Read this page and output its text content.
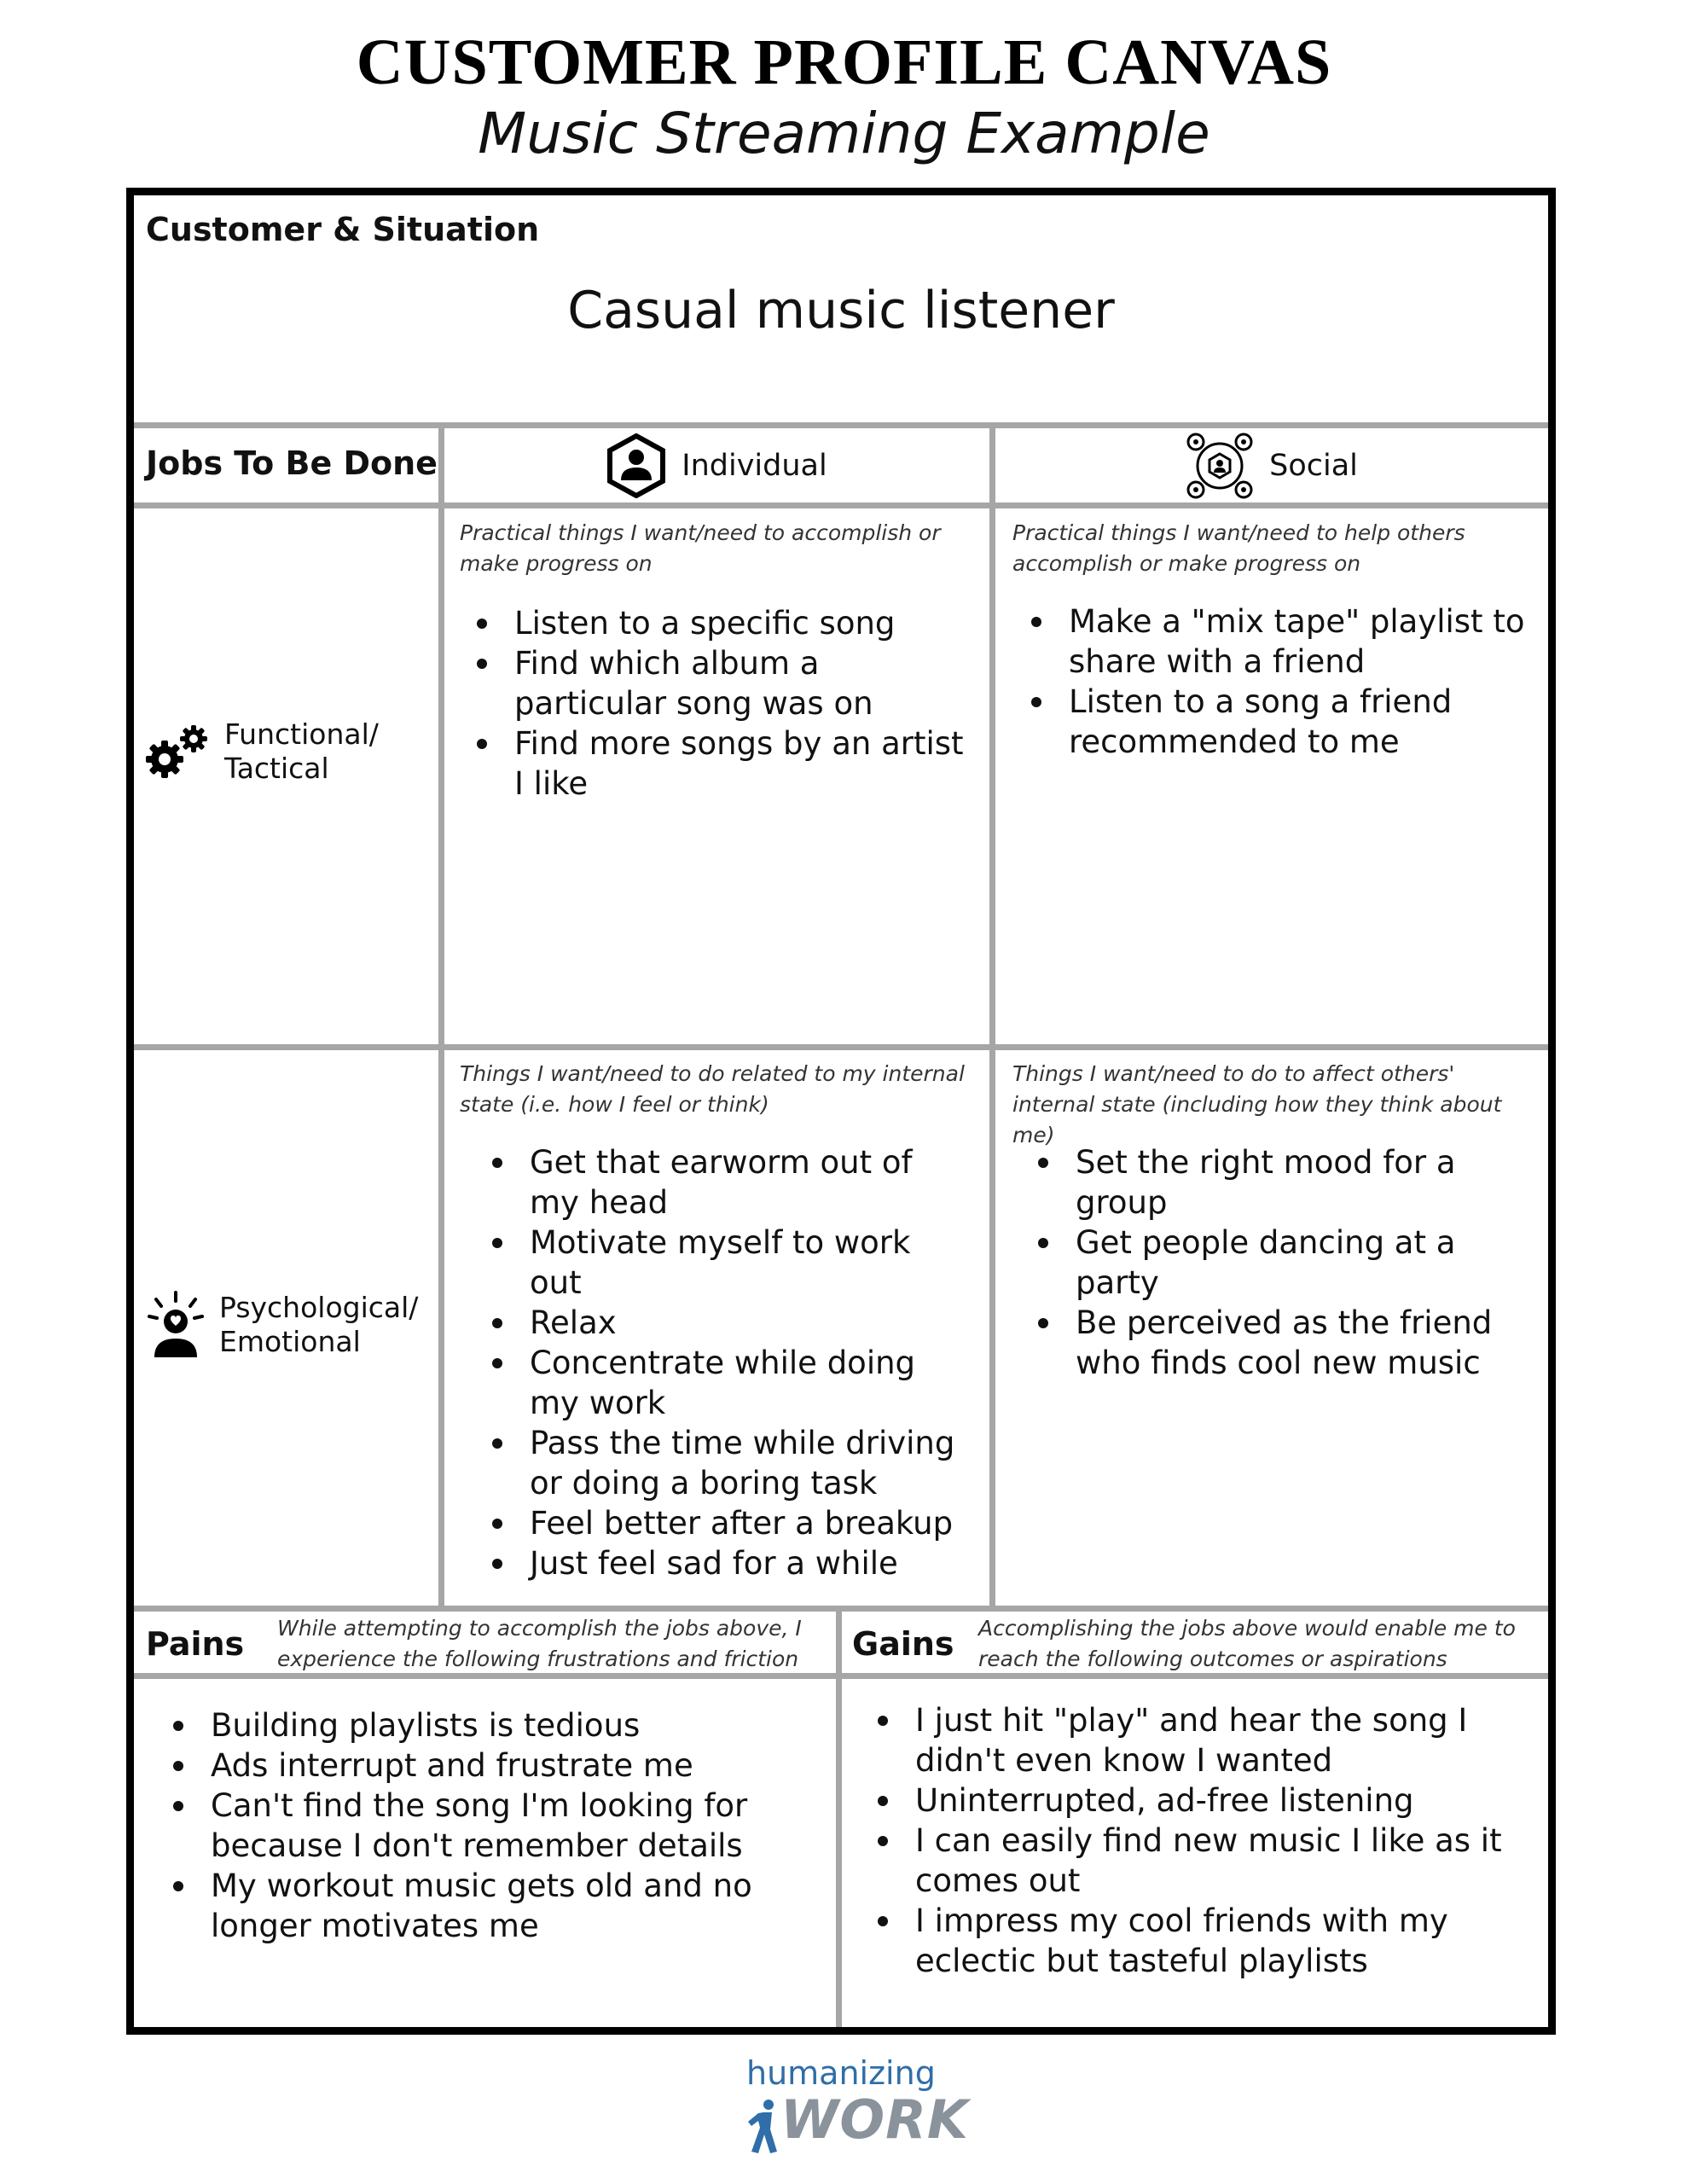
CUSTOMER PROFILE CANVAS
Music Streaming Example
Customer & Situation
Casual music listener
Jobs To Be Done	Individual	Social
Functional/
Tactical
Practical things I want/need to accomplish or make progress on
Listen to a specific song
Find which album a particular song was on
Find more songs by an artist I like
Practical things I want/need to help others accomplish or make progress on
Make a "mix tape" playlist to share with a friend
Listen to a song a friend recommended to me
Psychological/
Emotional
Things I want/need to do related to my internal state (i.e. how I feel or think)
Get that earworm out of my head
Motivate myself to work out
Relax
Concentrate while doing my work
Pass the time while driving or doing a boring task
Feel better after a breakup
Just feel sad for a while
Things I want/need to do to affect others' internal state (including how they think about me)
Set the right mood for a group
Get people dancing at a party
Be perceived as the friend who finds cool new music
Pains While attempting to accomplish the jobs above, I experience the following frustrations and friction
Building playlists is tedious
Ads interrupt and frustrate me
Can't find the song I'm looking for because I don't remember details
My workout music gets old and no longer motivates me
Gains Accomplishing the jobs above would enable me to reach the following outcomes or aspirations
I just hit "play" and hear the song I didn't even know I wanted
Uninterrupted, ad-free listening
I can easily find new music I like as it comes out
I impress my cool friends with my eclectic but tasteful playlists
humanizing
WORK
